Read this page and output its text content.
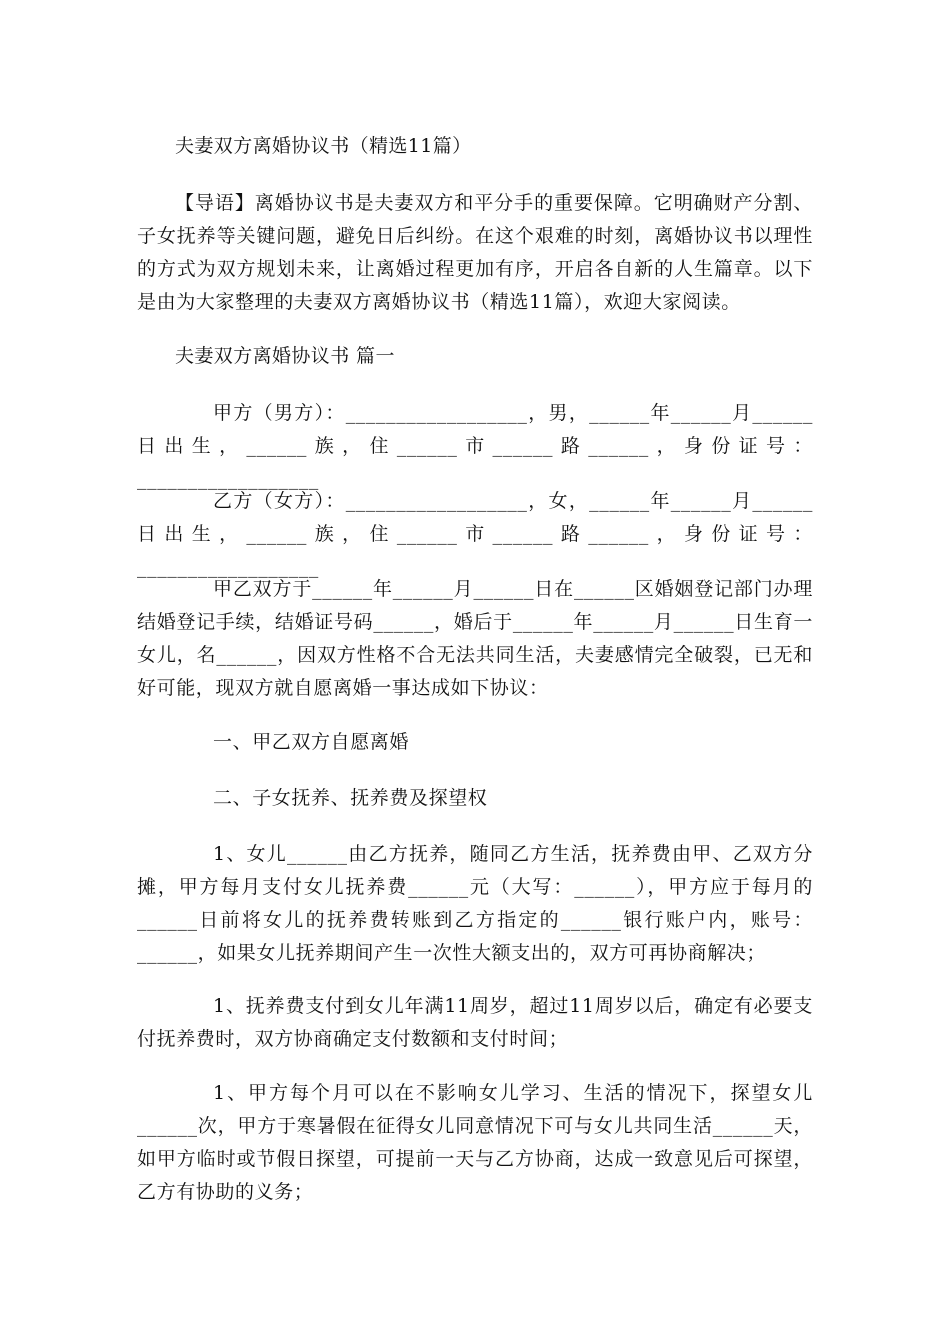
夫妻双方离婚协议书（精选11篇）

【导语】离婚协议书是夫妻双方和平分手的重要保障。它明确财产分割、子女抚养等关键问题，避免日后纠纷。在这个艰难的时刻，离婚协议书以理性的方式为双方规划未来，让离婚过程更加有序，开启各自新的人生篇章。以下是由为大家整理的夫妻双方离婚协议书（精选11篇），欢迎大家阅读。

夫妻双方离婚协议书 篇一

甲方（男方）：__________________，男，______年______月______日出生，______族，住______市______路______，身份证号：__________________

乙方（女方）：__________________，女，______年______月______日出生，______族，住______市______路______，身份证号：__________________

甲乙双方于______年______月______日在______区婚姻登记部门办理结婚登记手续，结婚证号码______，婚后于______年______月______日生育一女儿，名______，因双方性格不合无法共同生活，夫妻感情完全破裂，已无和好可能，现双方就自愿离婚一事达成如下协议：

一、甲乙双方自愿离婚

二、子女抚养、抚养费及探望权

1、女儿______由乙方抚养，随同乙方生活，抚养费由甲、乙双方分摊，甲方每月支付女儿抚养费______元（大写：______），甲方应于每月的______日前将女儿的抚养费转账到乙方指定的______银行账户内，账号：______，如果女儿抚养期间产生一次性大额支出的，双方可再协商解决；

1、抚养费支付到女儿年满11周岁，超过11周岁以后，确定有必要支付抚养费时，双方协商确定支付数额和支付时间；

1、甲方每个月可以在不影响女儿学习、生活的情况下，探望女儿______次，甲方于寒暑假在征得女儿同意情况下可与女儿共同生活______天，如甲方临时或节假日探望，可提前一天与乙方协商，达成一致意见后可探望，乙方有协助的义务；
